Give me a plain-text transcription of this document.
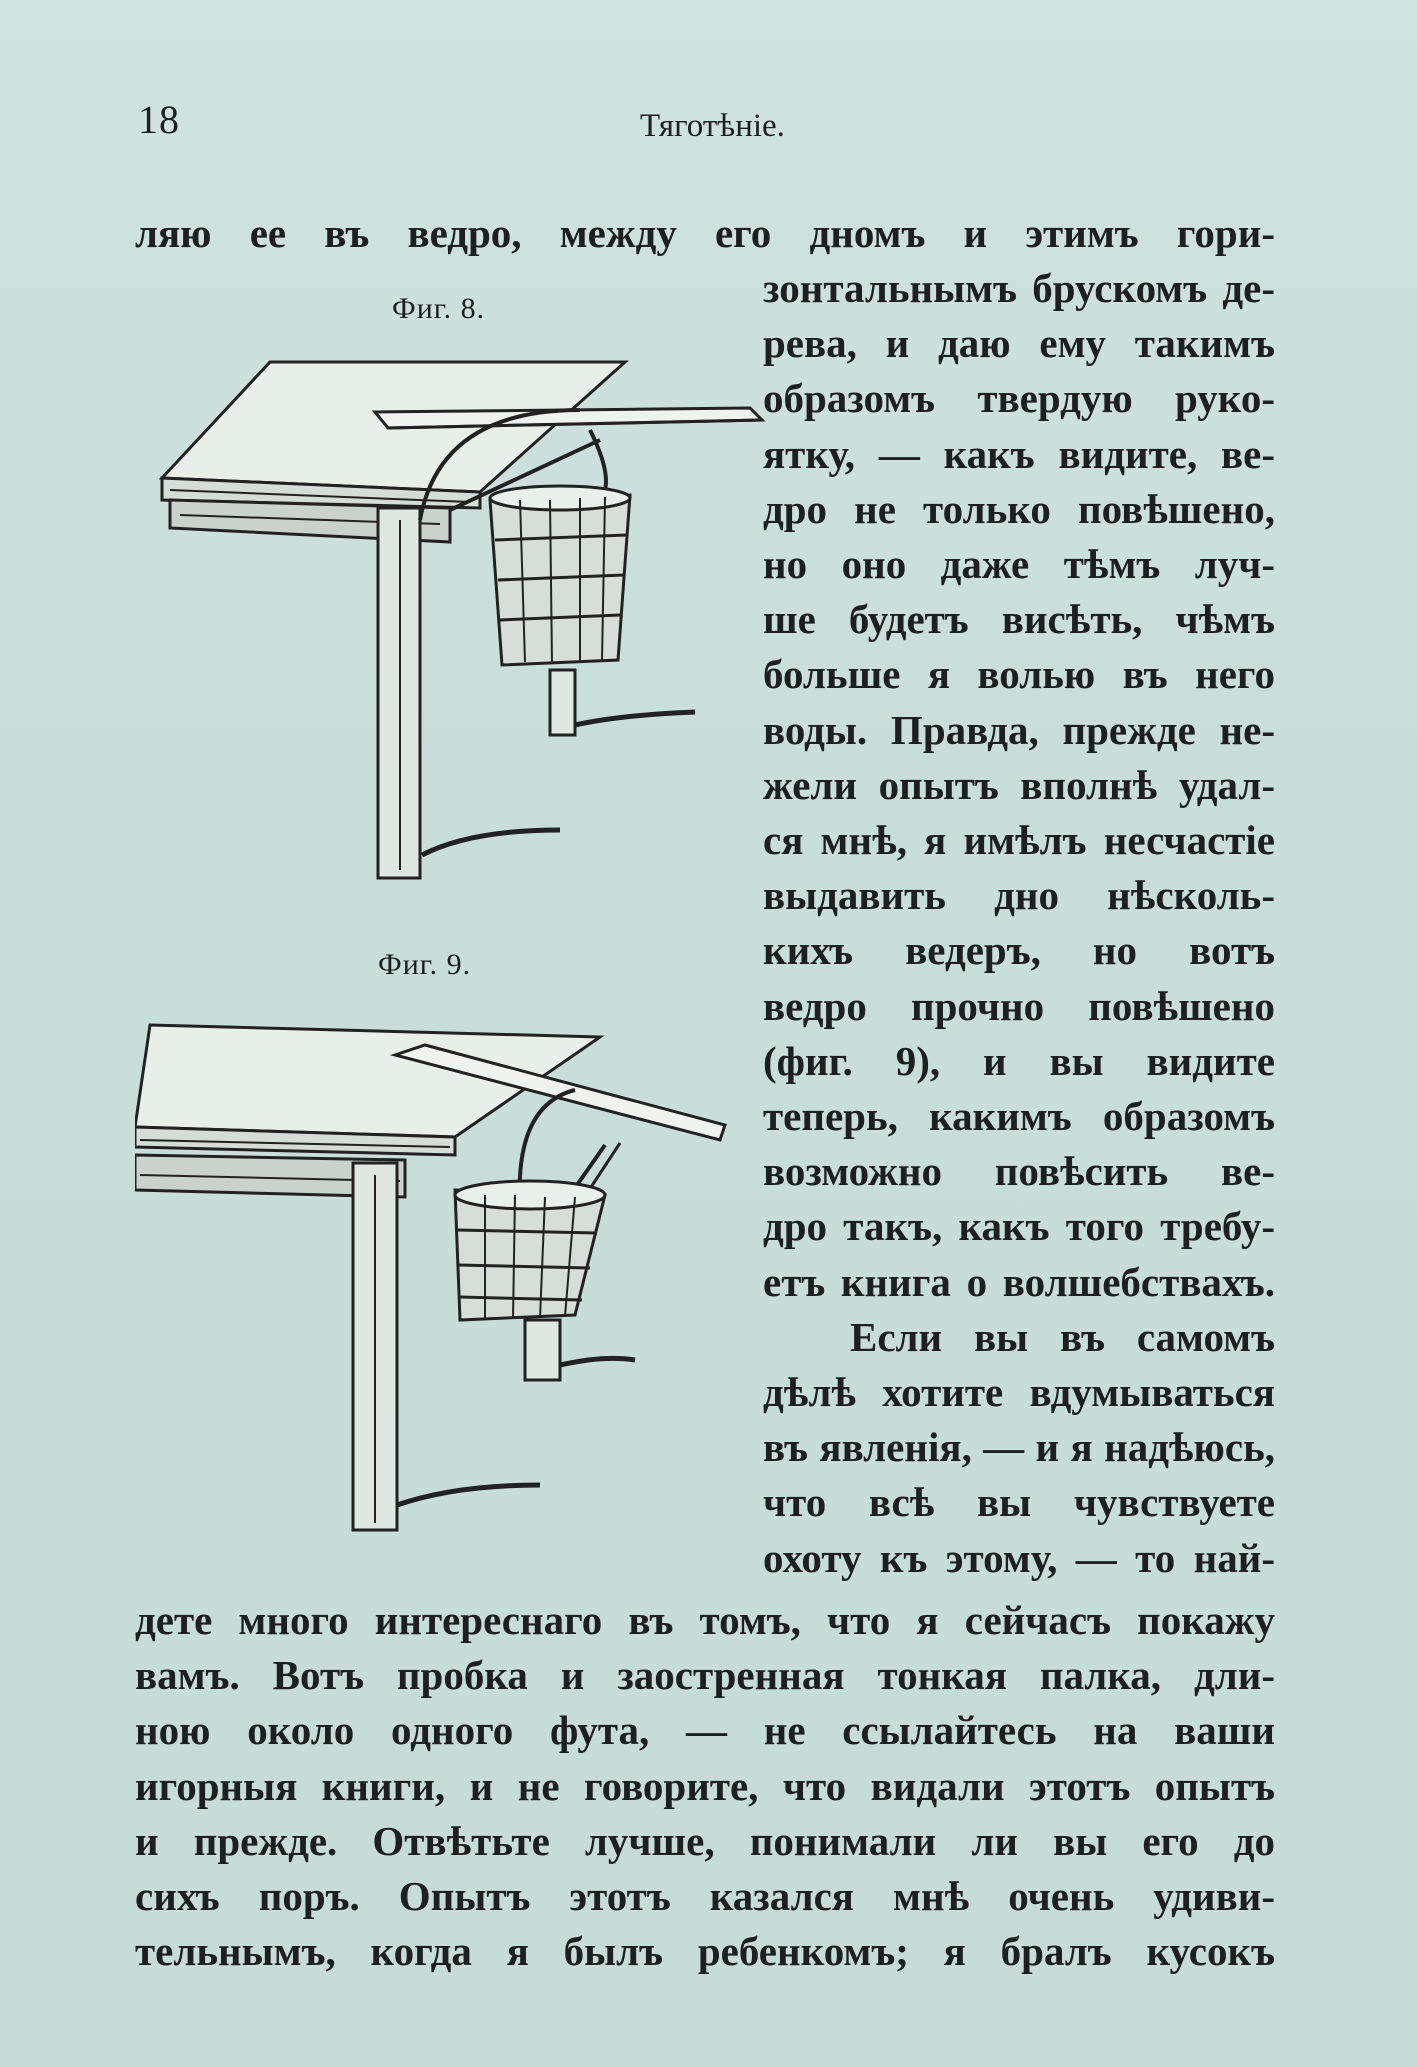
18	Тяготѣніе.
ляю ее въ ведро, между его дномъ и этимъ гори-
Фиг. 8.
Фиг. 9.
зонтальнымъ брускомъ де-
рева, и даю ему такимъ
образомъ твердую руко-
ятку, — какъ видите, ве-
дро не только повѣшено,
но оно даже тѣмъ луч-
ше будетъ висѣть, чѣмъ
больше я волью въ него
воды. Правда, прежде не-
жели опытъ вполнѣ удал-
ся мнѣ, я имѣлъ несчастіе
выдавить дно нѣсколь-
кихъ ведеръ, но вотъ
ведро прочно повѣшено
(фиг. 9), и вы видите
теперь, какимъ образомъ
возможно повѣсить ве-
дро такъ, какъ того требу-
етъ книга о волшебствахъ.
Если вы въ самомъ
дѣлѣ хотите вдумываться
въ явленія, — и я надѣюсь,
что всѣ вы чувствуете
охоту къ этому, — то най-
дете много интереснаго въ томъ, что я сейчасъ покажу
вамъ. Вотъ пробка и заостренная тонкая палка, дли-
ною около одного фута, — не ссылайтесь на ваши
игорныя книги, и не говорите, что видали этотъ опытъ
и прежде. Отвѣтьте лучше, понимали ли вы его до
сихъ поръ. Опытъ этотъ казался мнѣ очень удиви-
тельнымъ, когда я былъ ребенкомъ; я бралъ кусокъ
